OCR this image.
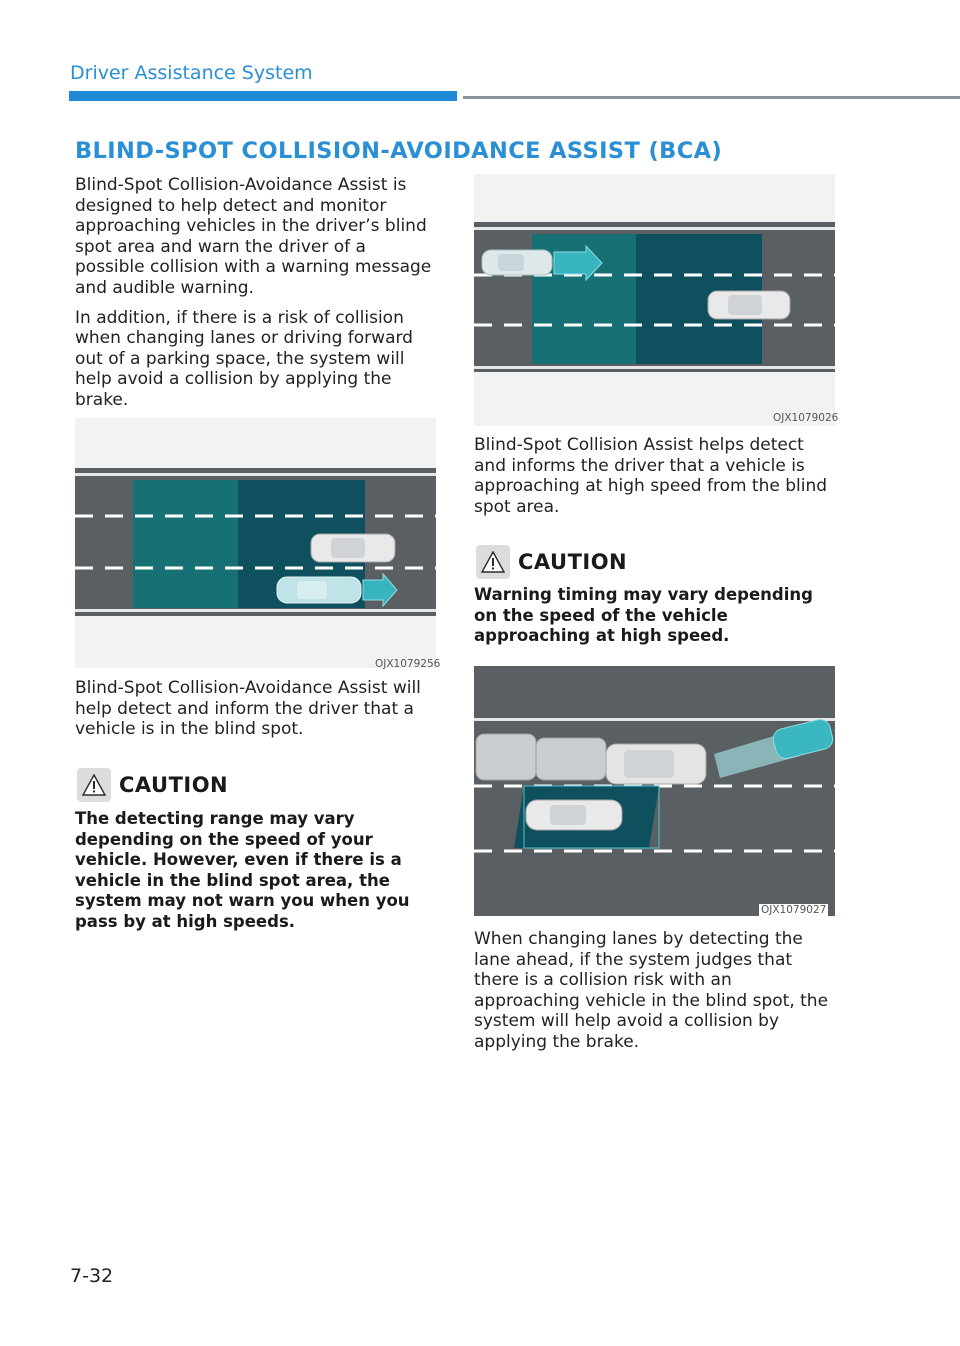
Driver Assistance System
BLIND-SPOT COLLISION-AVOIDANCE ASSIST (BCA)

Blind-Spot Collision-Avoidance Assist is designed to help detect and monitor approaching vehicles in the driver’s blind spot area and warn the driver of a possible collision with a warning message and audible warning.

In addition, if there is a risk of collision when changing lanes or driving forward out of a parking space, the system will help avoid a collision by applying the brake.

OJX1079256

Blind-Spot Collision-Avoidance Assist will help detect and inform the driver that a vehicle is in the blind spot.

CAUTION

The detecting range may vary depending on the speed of your vehicle. However, even if there is a vehicle in the blind spot area, the system may not warn you when you pass by at high speeds.

OJX1079026

Blind-Spot Collision Assist helps detect and informs the driver that a vehicle is approaching at high speed from the blind spot area.

CAUTION

Warning timing may vary depending on the speed of the vehicle approaching at high speed.

OJX1079027

When changing lanes by detecting the lane ahead, if the system judges that there is a collision risk with an approaching vehicle in the blind spot, the system will help avoid a collision by applying the brake.

7-32
